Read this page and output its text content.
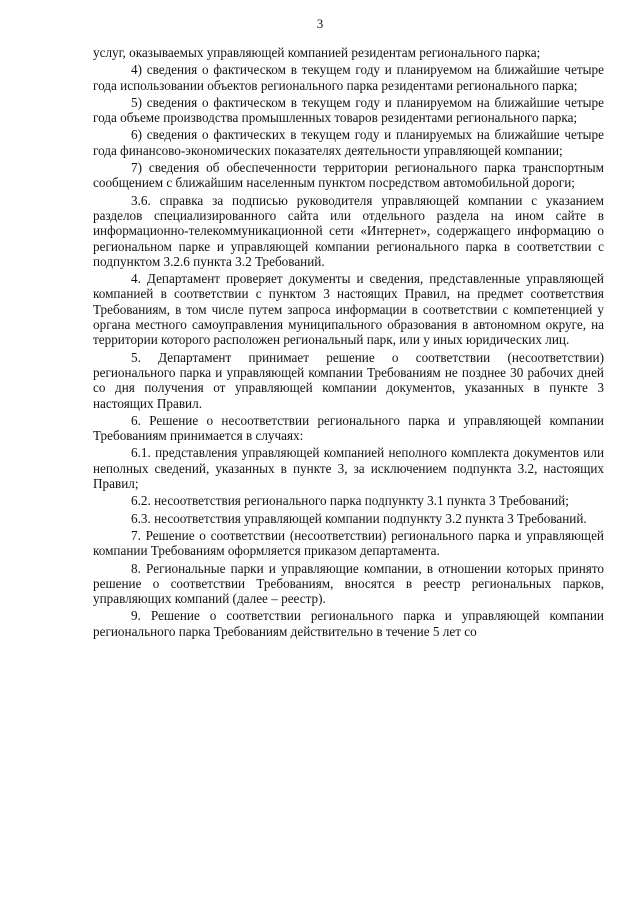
3

услуг, оказываемых управляющей компанией резидентам регионального парка;

4) сведения о фактическом в текущем году и планируемом на ближайшие четыре года использовании объектов регионального парка резидентами регионального парка;

5) сведения о фактическом в текущем году и планируемом на ближайшие четыре года объеме производства промышленных товаров резидентами регионального парка;

6) сведения о фактических в текущем году и планируемых на ближайшие четыре года финансово-экономических показателях деятельности управляющей компании;

7) сведения об обеспеченности территории регионального парка транспортным сообщением с ближайшим населенным пунктом посредством автомобильной дороги;

3.6. справка за подписью руководителя управляющей компании с указанием разделов специализированного сайта или отдельного раздела на ином сайте в информационно-телекоммуникационной сети «Интернет», содержащего информацию о региональном парке и управляющей компании регионального парка в соответствии с подпунктом 3.2.6 пункта 3.2 Требований.

4. Департамент проверяет документы и сведения, представленные управляющей компанией в соответствии с пунктом 3 настоящих Правил, на предмет соответствия Требованиям, в том числе путем запроса информации в соответствии с компетенцией у органа местного самоуправления муниципального образования в автономном округе, на территории которого расположен региональный парк, или у иных юридических лиц.

5. Департамент принимает решение о соответствии (несоответствии) регионального парка и управляющей компании Требованиям не позднее 30 рабочих дней со дня получения от управляющей компании документов, указанных в пункте 3 настоящих Правил.

6. Решение о несоответствии регионального парка и управляющей компании Требованиям принимается в случаях:

6.1. представления управляющей компанией неполного комплекта документов или неполных сведений, указанных в пункте 3, за исключением подпункта 3.2, настоящих Правил;

6.2. несоответствия регионального парка подпункту 3.1 пункта 3 Требований;

6.3. несоответствия управляющей компании подпункту 3.2 пункта 3 Требований.

7. Решение о соответствии (несоответствии) регионального парка и управляющей компании Требованиям оформляется приказом департамента.

8. Региональные парки и управляющие компании, в отношении которых принято решение о соответствии Требованиям, вносятся в реестр региональных парков, управляющих компаний (далее – реестр).

9. Решение о соответствии регионального парка и управляющей компании регионального парка Требованиям действительно в течение 5 лет со
